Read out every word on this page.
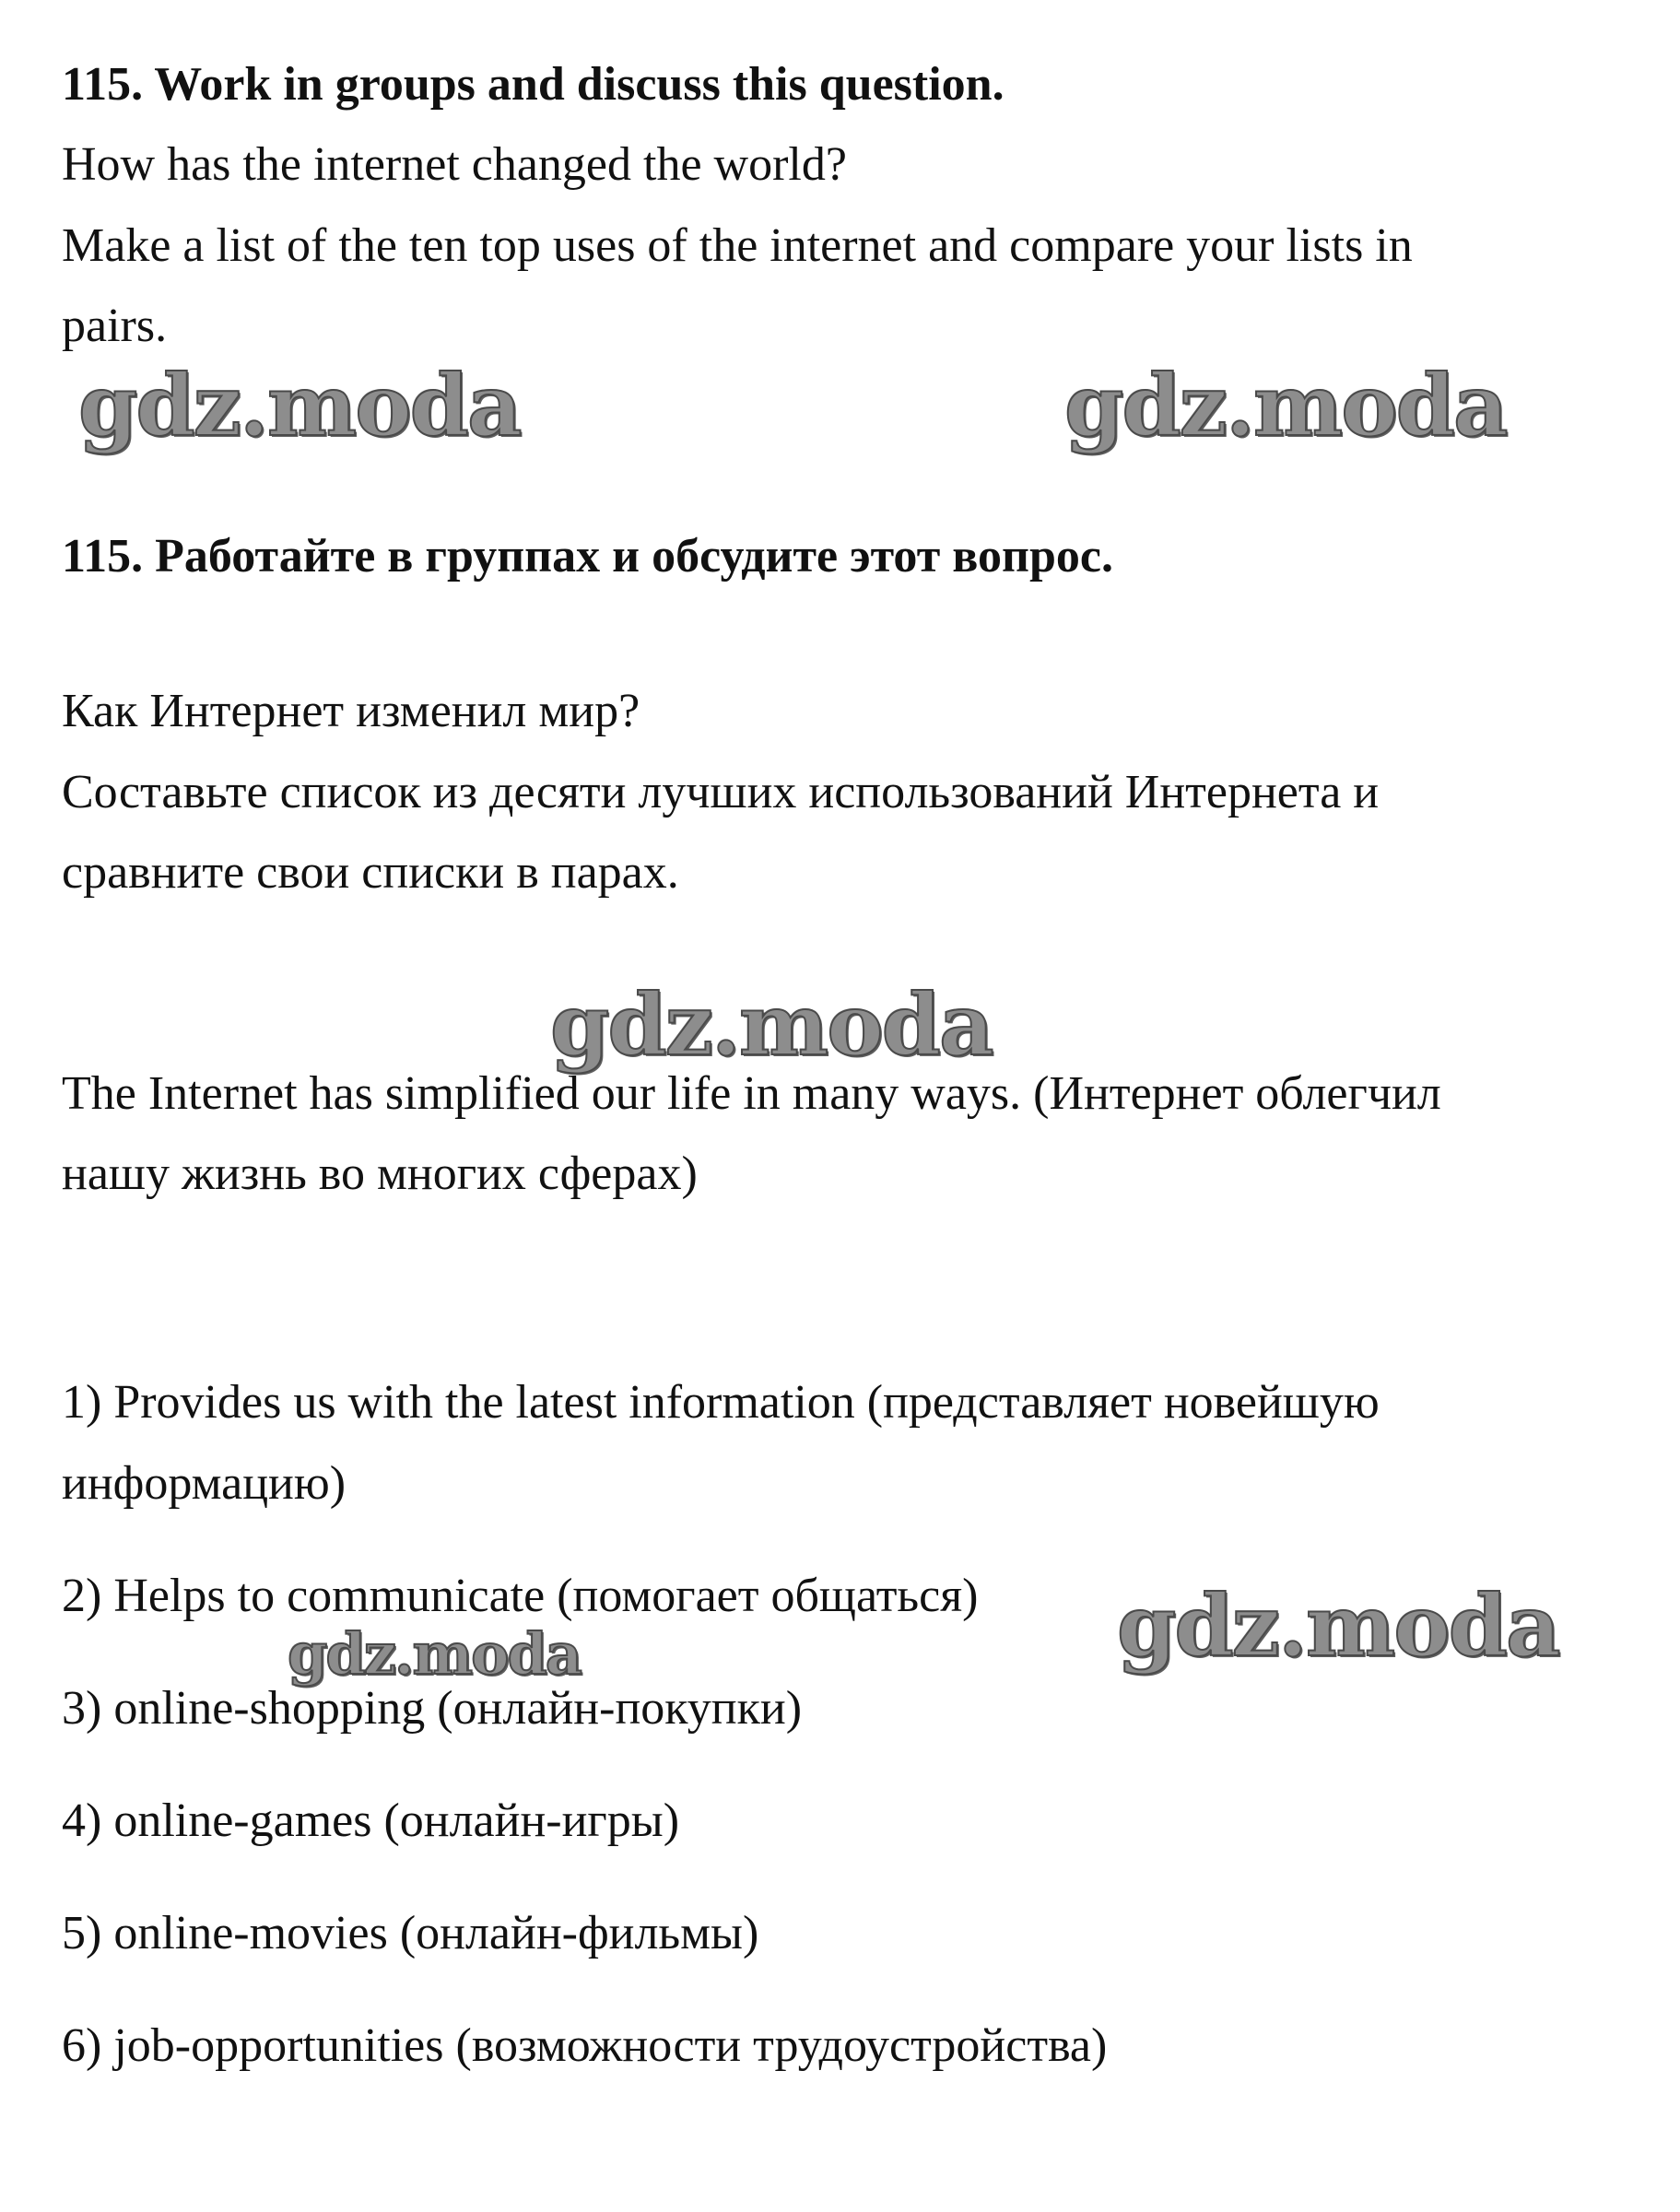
115. Work in groups and discuss this question.

How has the internet changed the world?

Make a list of the ten top uses of the internet and compare your lists in

pairs.

115. Работайте в группах и обсудите этот вопрос.

Как Интернет изменил мир?

Составьте список из десяти лучших использований Интернета и

сравните свои списки в парах.

The Internet has simplified our life in many ways. (Интернет облегчил

нашу жизнь во многих сферах)

1) Provides us with the latest information (представляет новейшую

информацию)

2) Helps to communicate (помогает общаться)

3) online-shopping (онлайн-покупки)

4) online-games (онлайн-игры)

5) online-movies (онлайн-фильмы)

6) job-opportunities (возможности трудоустройства)

gdz.moda	gdz.moda
gdz.moda
gdz.moda
gdz.moda
